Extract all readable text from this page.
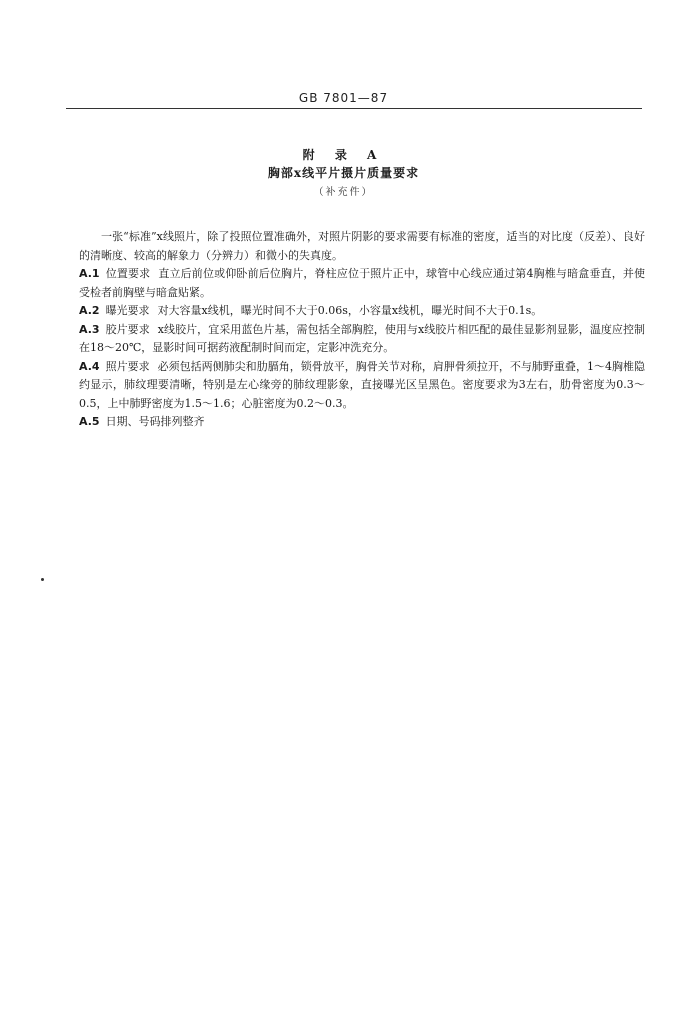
GB 7801—87
附 录 A
胸部x线平片摄片质量要求
（补充件）

一张“标准”x线照片，除了投照位置准确外，对照片阴影的要求需要有标准的密度，适当的对比度（反差）、良好的清晰度、较高的解象力（分辨力）和微小的失真度。

A.1 位置要求 直立后前位或仰卧前后位胸片，脊柱应位于照片正中，球管中心线应通过第4胸椎与暗盒垂直，并使受检者前胸壁与暗盒贴紧。

A.2 曝光要求 对大容量x线机，曝光时间不大于0.06s，小容量x线机，曝光时间不大于0.1s。

A.3 胶片要求 x线胶片，宜采用蓝色片基，需包括全部胸腔，使用与x线胶片相匹配的最佳显影剂显影，温度应控制在18～20℃，显影时间可据药液配制时间而定，定影冲洗充分。

A.4 照片要求 必须包括两侧肺尖和肋膈角，锁骨放平，胸骨关节对称，肩胛骨须拉开，不与肺野重叠，1～4胸椎隐约显示，肺纹理要清晰，特别是左心缘旁的肺纹理影象，直接曝光区呈黑色。密度要求为3左右，肋骨密度为0.3～0.5，上中肺野密度为1.5～1.6；心脏密度为0.2～0.3。

A.5 日期、号码排列整齐
